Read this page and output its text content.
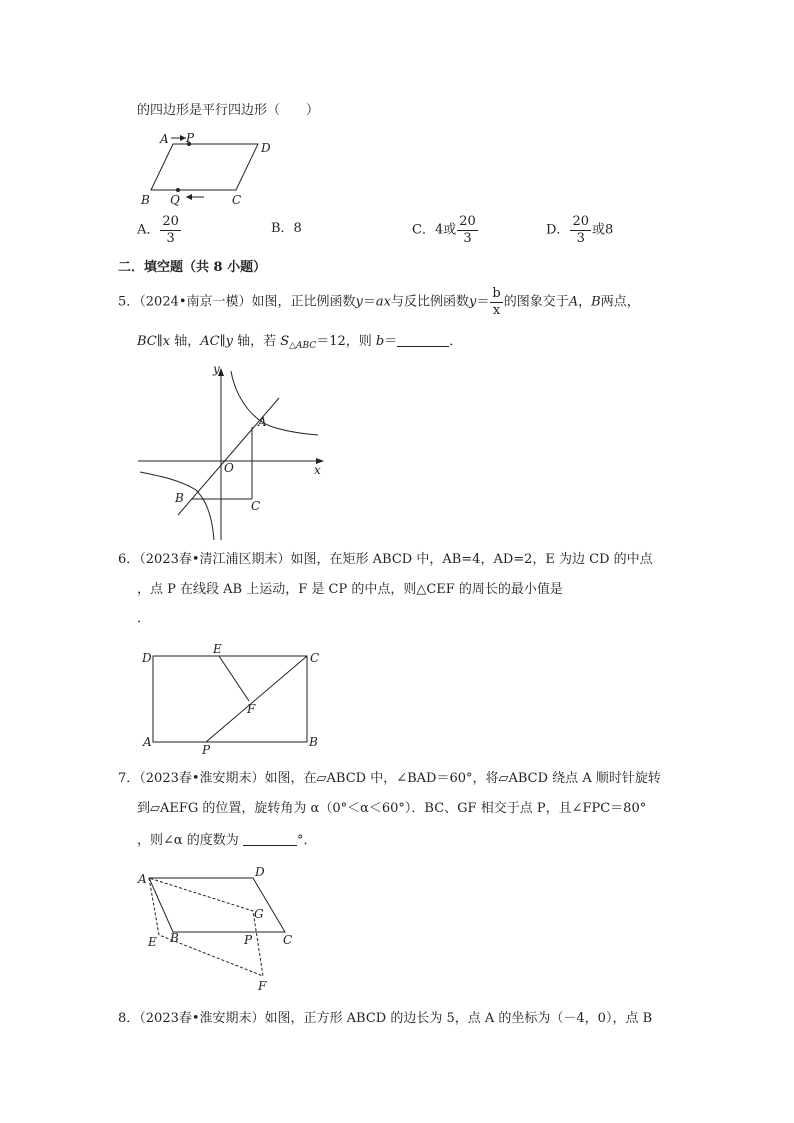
的四边形是平行四边形（　　）
A P
D
B Q	C
y
x
O
A
B
C
D
E
C
F
A
P
B
A	D
G
E B	P	C
F
A． $\frac{20}{3}$	B．8	C．4或 $\frac{20}{3}$	D． $\frac{20}{3}$ 或8
二．填空题（共 8 小题）
5．（2024•南京一模）如图，正比例函数y＝ax与反比例函数$y= \frac{b}{x}$ 的图象交于A，B两点，
BC∥x 轴，AC∥y 轴，若 $S_{\triangle ABC}=12$，则 b＝	．
6．（2023春•清江浦区期末）如图，在矩形 ABCD 中，AB=4，AD=2，E 为边 CD 的中点
，点 P 在线段 AB 上运动，F 是 CP 的中点，则△CEF 的周长的最小值是
．
7．（2023春•淮安期末）如图，在▱ABCD 中，∠BAD＝60°，将▱ABCD 绕点 A 顺时针旋转
到▱AEFG 的位置，旋转角为 α（0°＜α＜60°）．BC、GF 相交于点 P，且∠FPC＝80°
，则∠α 的度数为	°．
8．（2023春•淮安期末）如图，正方形 ABCD 的边长为 5，点 A 的坐标为（－4，0），点 B
